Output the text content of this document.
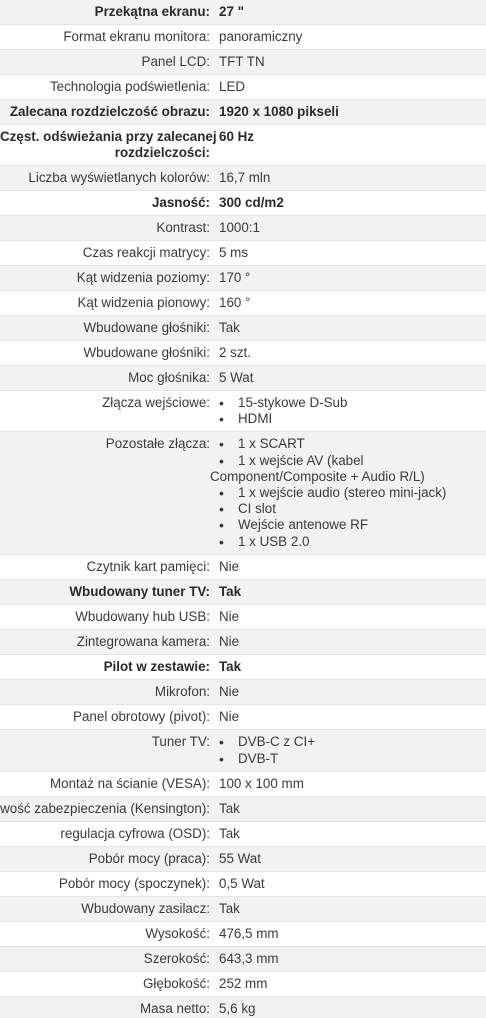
Przekątna ekranu: 27 "
Format ekranu monitora: panoramiczny
Panel LCD: TFT TN
Technologia podświetlenia: LED
Zalecana rozdzielczość obrazu: 1920 x 1080 pikseli
Częst. odświeżania przy zalecanej
rozdzielczości:
60 Hz
Liczba wyświetlanych kolorów: 16,7 mln
Jasność: 300 cd/m2
Kontrast: 1000:1
Czas reakcji matrycy: 5 ms
Kąt widzenia poziomy: 170 °
Kąt widzenia pionowy: 160 °
Wbudowane głośniki: Tak
Wbudowane głośniki: 2 szt.
Moc głośnika: 5 Wat
Złącza wejściowe:	• 15-stykowe D-Sub
• HDMI
Pozostałe złącza:	• 1 x SCART
• 1 x wejście AV (kabel
Component/Composite + Audio R/L)
• 1 x wejście audio (stereo mini-jack)
• CI slot
• Wejście antenowe RF
• 1 x USB 2.0
Czytnik kart pamięci: Nie
Wbudowany tuner TV: Tak
Wbudowany hub USB: Nie
Zintegrowana kamera: Nie
Pilot w zestawie: Tak
Mikrofon: Nie
Panel obrotowy (pivot): Nie
Tuner TV:	• DVB-C z CI+
• DVB-T
Montaż na ścianie (VESA): 100 x 100 mm
wość zabezpieczenia (Kensington): Tak
regulacja cyfrowa (OSD): Tak
Pobór mocy (praca): 55 Wat
Pobór mocy (spoczynek): 0,5 Wat
Wbudowany zasilacz: Tak
Wysokość: 476,5 mm
Szerokość: 643,3 mm
Głębokość: 252 mm
Masa netto: 5,6 kg
